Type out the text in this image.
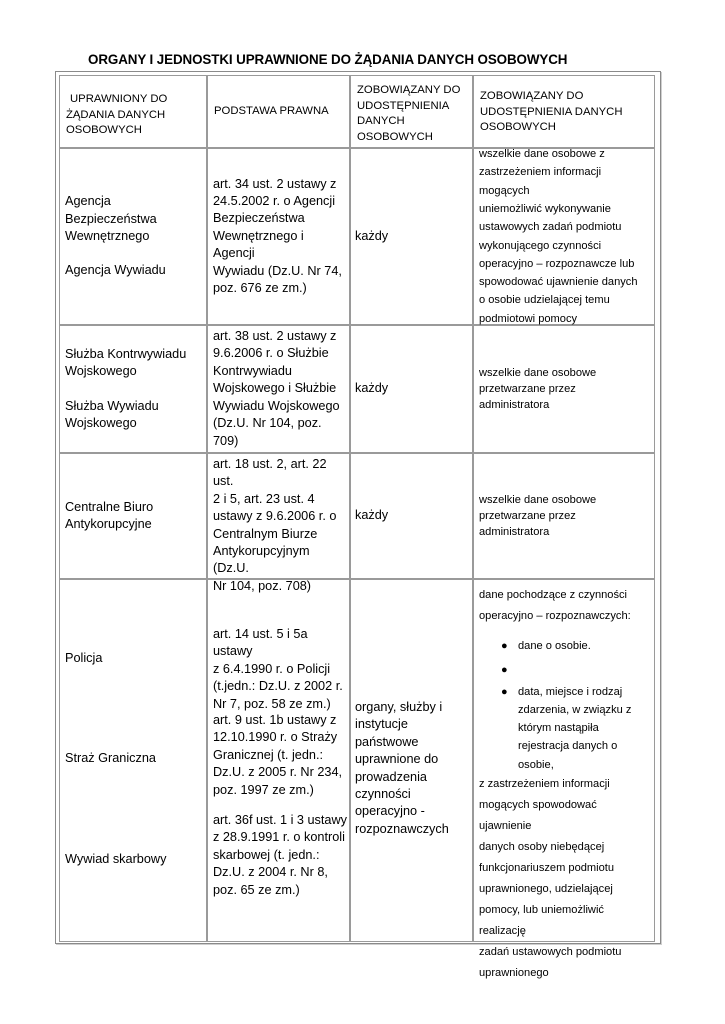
ORGANY I JEDNOSTKI UPRAWNIONE DO ŻĄDANIA DANYCH OSOBOWYCH
UPRAWNIONY DO
ŻĄDANIA DANYCH
OSOBOWYCH
PODSTAWA PRAWNA
ZOBOWIĄZANY DO
UDOSTĘPNIENIA
DANYCH
OSOBOWYCH
ZOBOWIĄZANY DO
UDOSTĘPNIENIA DANYCH
OSOBOWYCH
Agencja Bezpieczeństwa
Wewnętrznego
Agencja Wywiadu
art. 34 ust. 2 ustawy z
24.5.2002 r. o Agencji
Bezpieczeństwa
Wewnętrznego i Agencji
Wywiadu (Dz.U. Nr 74,
poz. 676 ze zm.)
każdy
wszelkie dane osobowe z
zastrzeżeniem informacji mogących
uniemożliwić wykonywanie
ustawowych zadań podmiotu
wykonującego czynności
operacyjno – rozpoznawcze lub
spowodować ujawnienie danych
o osobie udzielającej temu
podmiotowi pomocy
Służba Kontrwywiadu
Wojskowego
Służba Wywiadu
Wojskowego
art. 38 ust. 2 ustawy z
9.6.2006 r. o Służbie
Kontrwywiadu
Wojskowego i Służbie
Wywiadu Wojskowego
(Dz.U. Nr 104, poz. 709)
każdy
wszelkie dane osobowe
przetwarzane przez administratora
Centralne Biuro
Antykorupcyjne
art. 18 ust. 2, art. 22 ust.
2 i 5, art. 23 ust. 4
ustawy z 9.6.2006 r. o
Centralnym Biurze
Antykorupcyjnym (Dz.U.
Nr 104, poz. 708)
każdy
wszelkie dane osobowe
przetwarzane przez administratora
Policja
Straż Graniczna
Wywiad skarbowy
art. 14 ust. 5 i 5a ustawy
z 6.4.1990 r. o Policji
(t.jedn.: Dz.U. z 2002 r.
Nr 7, poz. 58 ze zm.)
art. 9 ust. 1b ustawy z
12.10.1990 r. o Straży
Granicznej (t. jedn.:
Dz.U. z 2005 r. Nr 234,
poz. 1997 ze zm.)
art. 36f ust. 1 i 3 ustawy
z 28.9.1991 r. o kontroli
skarbowej (t. jedn.:
Dz.U. z 2004 r. Nr 8,
poz. 65 ze zm.)
organy, służby i
instytucje państwowe
uprawnione do
prowadzenia
czynności
operacyjno -
rozpoznawczych
dane pochodzące z czynności
operacyjno – rozpoznawczych:
● dane o osobie.
●

● data, miejsce i rodzaj
zdarzenia, w związku z
którym nastąpiła
rejestracja danych o
osobie,
z zastrzeżeniem informacji
mogących spowodować ujawnienie
danych osoby niebędącej
funkcjonariuszem podmiotu
uprawnionego, udzielającej
pomocy, lub uniemożliwić realizację
zadań ustawowych podmiotu
uprawnionego
